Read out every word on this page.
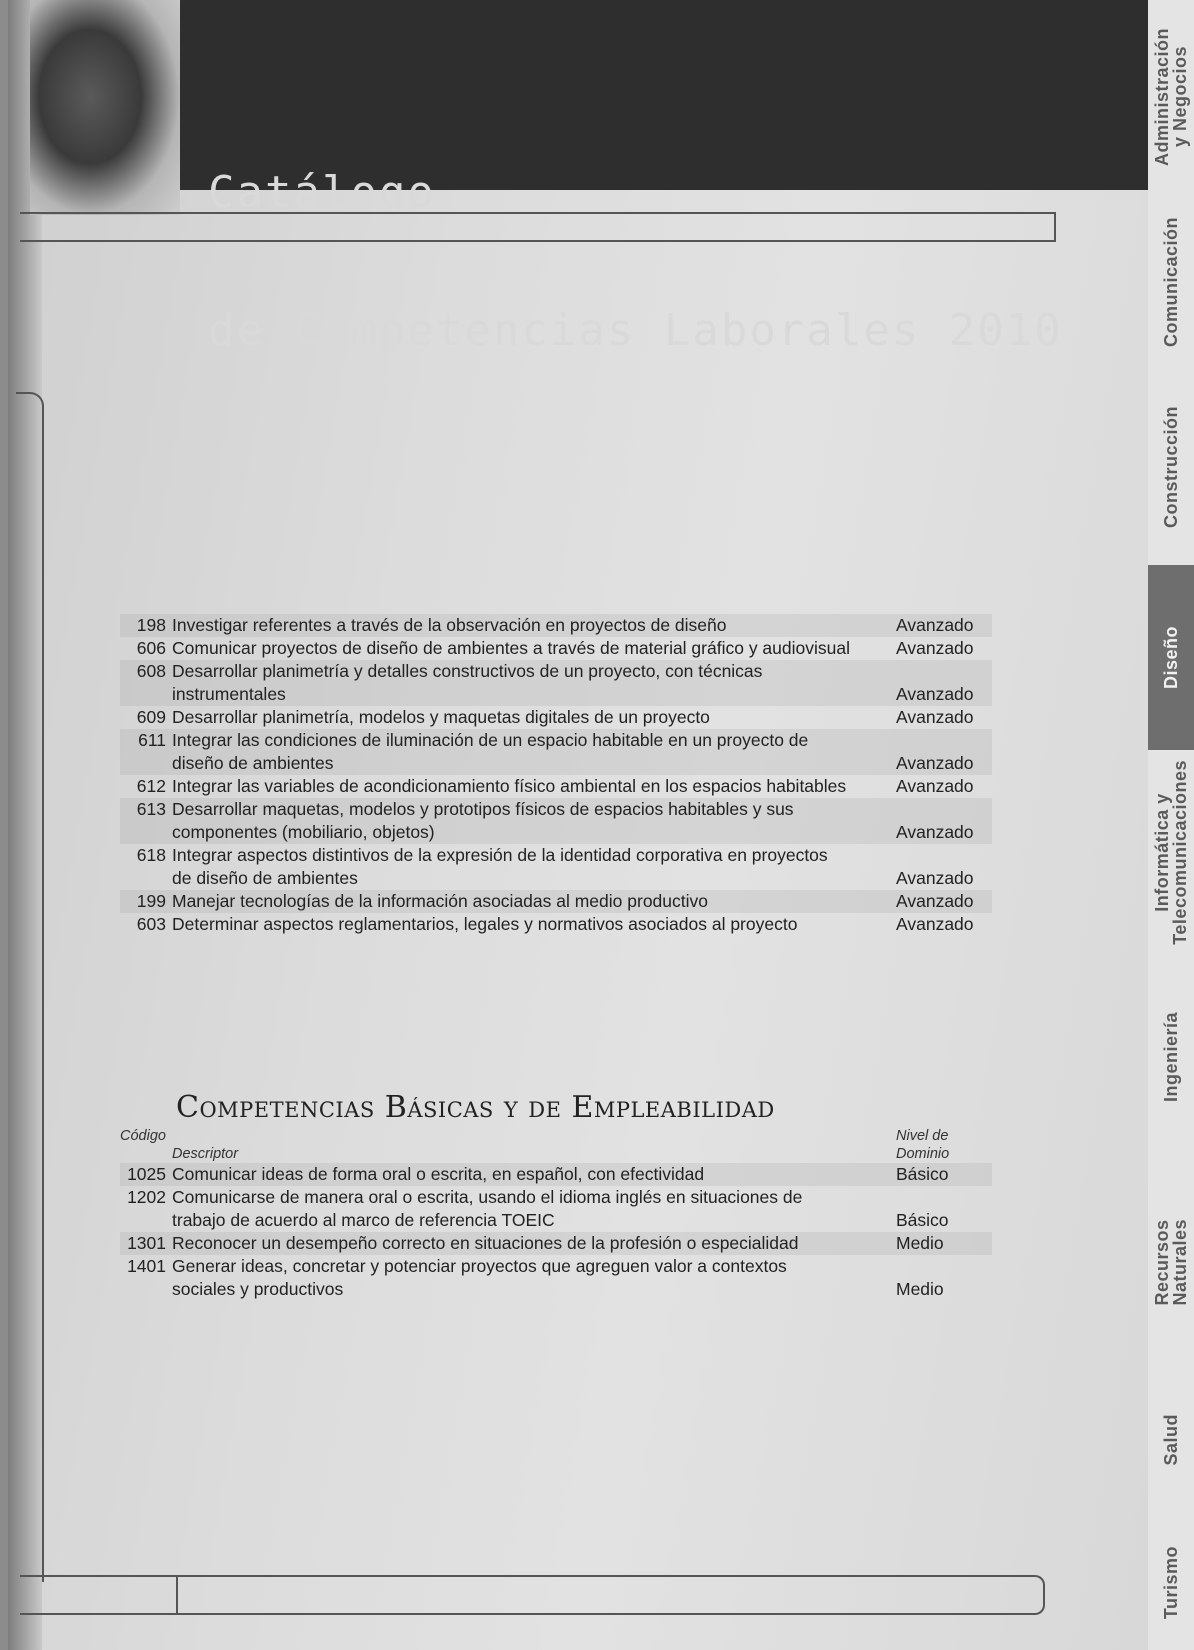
Catálogo

de Competencias Laborales 2010

198 Investigar referentes a través de la observación en proyectos de diseño	Avanzado
606 Comunicar proyectos de diseño de ambientes a través de material gráfico y audiovisual	Avanzado
608 Desarrollar planimetría y detalles constructivos de un proyecto, con técnicas
instrumentales	Avanzado
609 Desarrollar planimetría, modelos y maquetas digitales de un proyecto	Avanzado
611 Integrar las condiciones de iluminación de un espacio habitable en un proyecto de
diseño de ambientes	Avanzado
612 Integrar las variables de acondicionamiento físico ambiental en los espacios habitables	Avanzado
613 Desarrollar maquetas, modelos y prototipos físicos de espacios habitables y sus
componentes (mobiliario, objetos)	Avanzado
618 Integrar aspectos distintivos de la expresión de la identidad corporativa en proyectos
de diseño de ambientes	Avanzado
199 Manejar tecnologías de la información asociadas al medio productivo	Avanzado
603 Determinar aspectos reglamentarios, legales y normativos asociados al proyecto	Avanzado
Competencias Básicas y de Empleabilidad
Código
Descriptor
Nivel de
Dominio
1025 Comunicar ideas de forma oral o escrita, en español, con efectividad	Básico
1202 Comunicarse de manera oral o escrita, usando el idioma inglés en situaciones de
trabajo de acuerdo al marco de referencia TOEIC	Básico
1301 Reconocer un desempeño correcto en situaciones de la profesión o especialidad	Medio
1401 Generar ideas, concretar y potenciar proyectos que agreguen valor a contextos
sociales y productivos	Medio
Administración
y Negocios
Comunicación
Construcción
Diseño
Informática y
Telecomunicaciones
Ingeniería
Recursos
Naturales
Salud
Turismo
